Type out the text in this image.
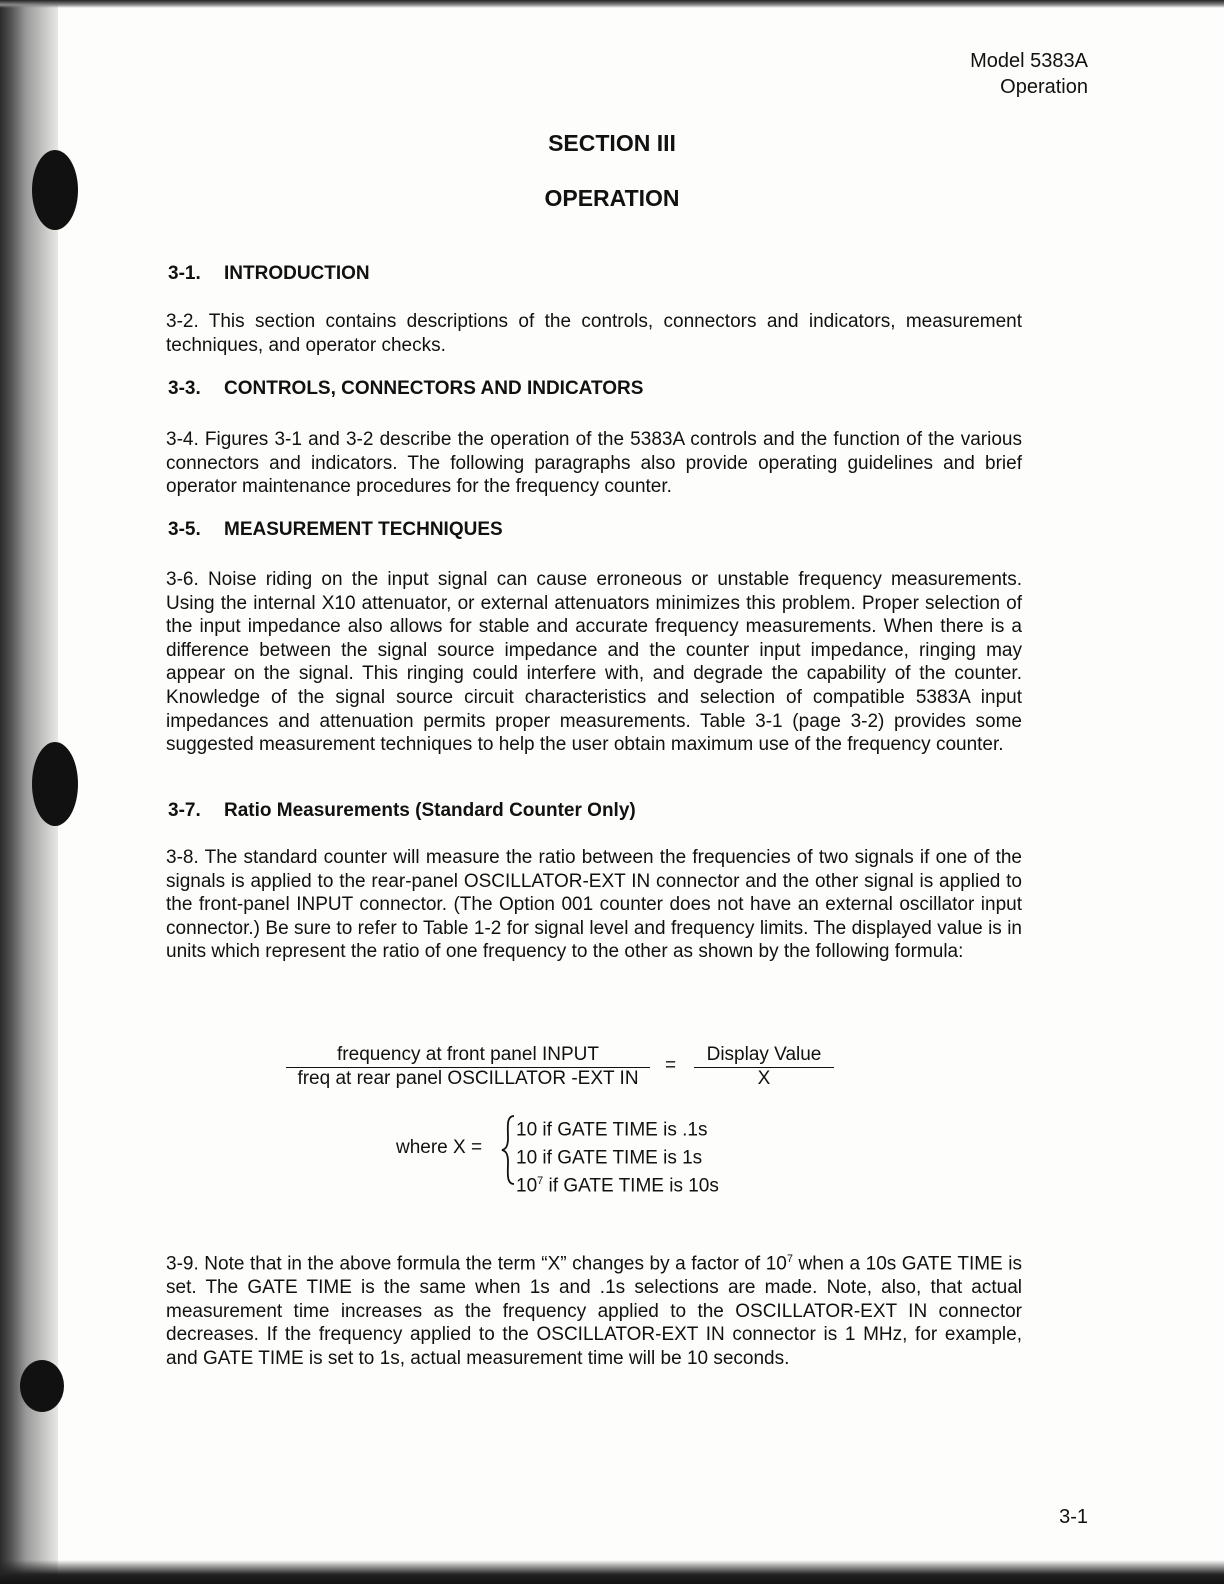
Model 5383A
Operation
SECTION III
OPERATION
3-1. INTRODUCTION
3-2. This section contains descriptions of the controls, connectors and indicators, measurement techniques, and operator checks.
3-3. CONTROLS, CONNECTORS AND INDICATORS
3-4. Figures 3-1 and 3-2 describe the operation of the 5383A controls and the function of the various connectors and indicators. The following paragraphs also provide operating guidelines and brief operator maintenance procedures for the frequency counter.
3-5. MEASUREMENT TECHNIQUES
3-6. Noise riding on the input signal can cause erroneous or unstable frequency measurements. Using the internal X10 attenuator, or external attenuators minimizes this problem. Proper selection of the input impedance also allows for stable and accurate frequency measurements. When there is a difference between the signal source impedance and the counter input impedance, ringing may appear on the signal. This ringing could interfere with, and degrade the capability of the counter. Knowledge of the signal source circuit characteristics and selection of compatible 5383A input impedances and attenuation permits proper measurements. Table 3-1 (page 3-2) provides some suggested measurement techniques to help the user obtain maximum use of the frequency counter.
3-7. Ratio Measurements (Standard Counter Only)
3-8. The standard counter will measure the ratio between the frequencies of two signals if one of the signals is applied to the rear-panel OSCILLATOR-EXT IN connector and the other signal is applied to the front-panel INPUT connector. (The Option 001 counter does not have an external oscillator input connector.) Be sure to refer to Table 1-2 for signal level and frequency limits. The displayed value is in units which represent the ratio of one frequency to the other as shown by the following formula:
frequency at front panel INPUT
freq at rear panel OSCILLATOR -EXT IN
=
Display Value
X
where X =
10 if GATE TIME is .1s
10 if GATE TIME is 1s
$10^7$ if GATE TIME is 10s
3-9. Note that in the above formula the term “X” changes by a factor of $10^7$ when a 10s GATE TIME is set. The GATE TIME is the same when 1s and .1s selections are made. Note, also, that actual measurement time increases as the frequency applied to the OSCILLATOR-EXT IN connector decreases. If the frequency applied to the OSCILLATOR-EXT IN connector is 1 MHz, for example, and GATE TIME is set to 1s, actual measurement time will be 10 seconds.
3-1
